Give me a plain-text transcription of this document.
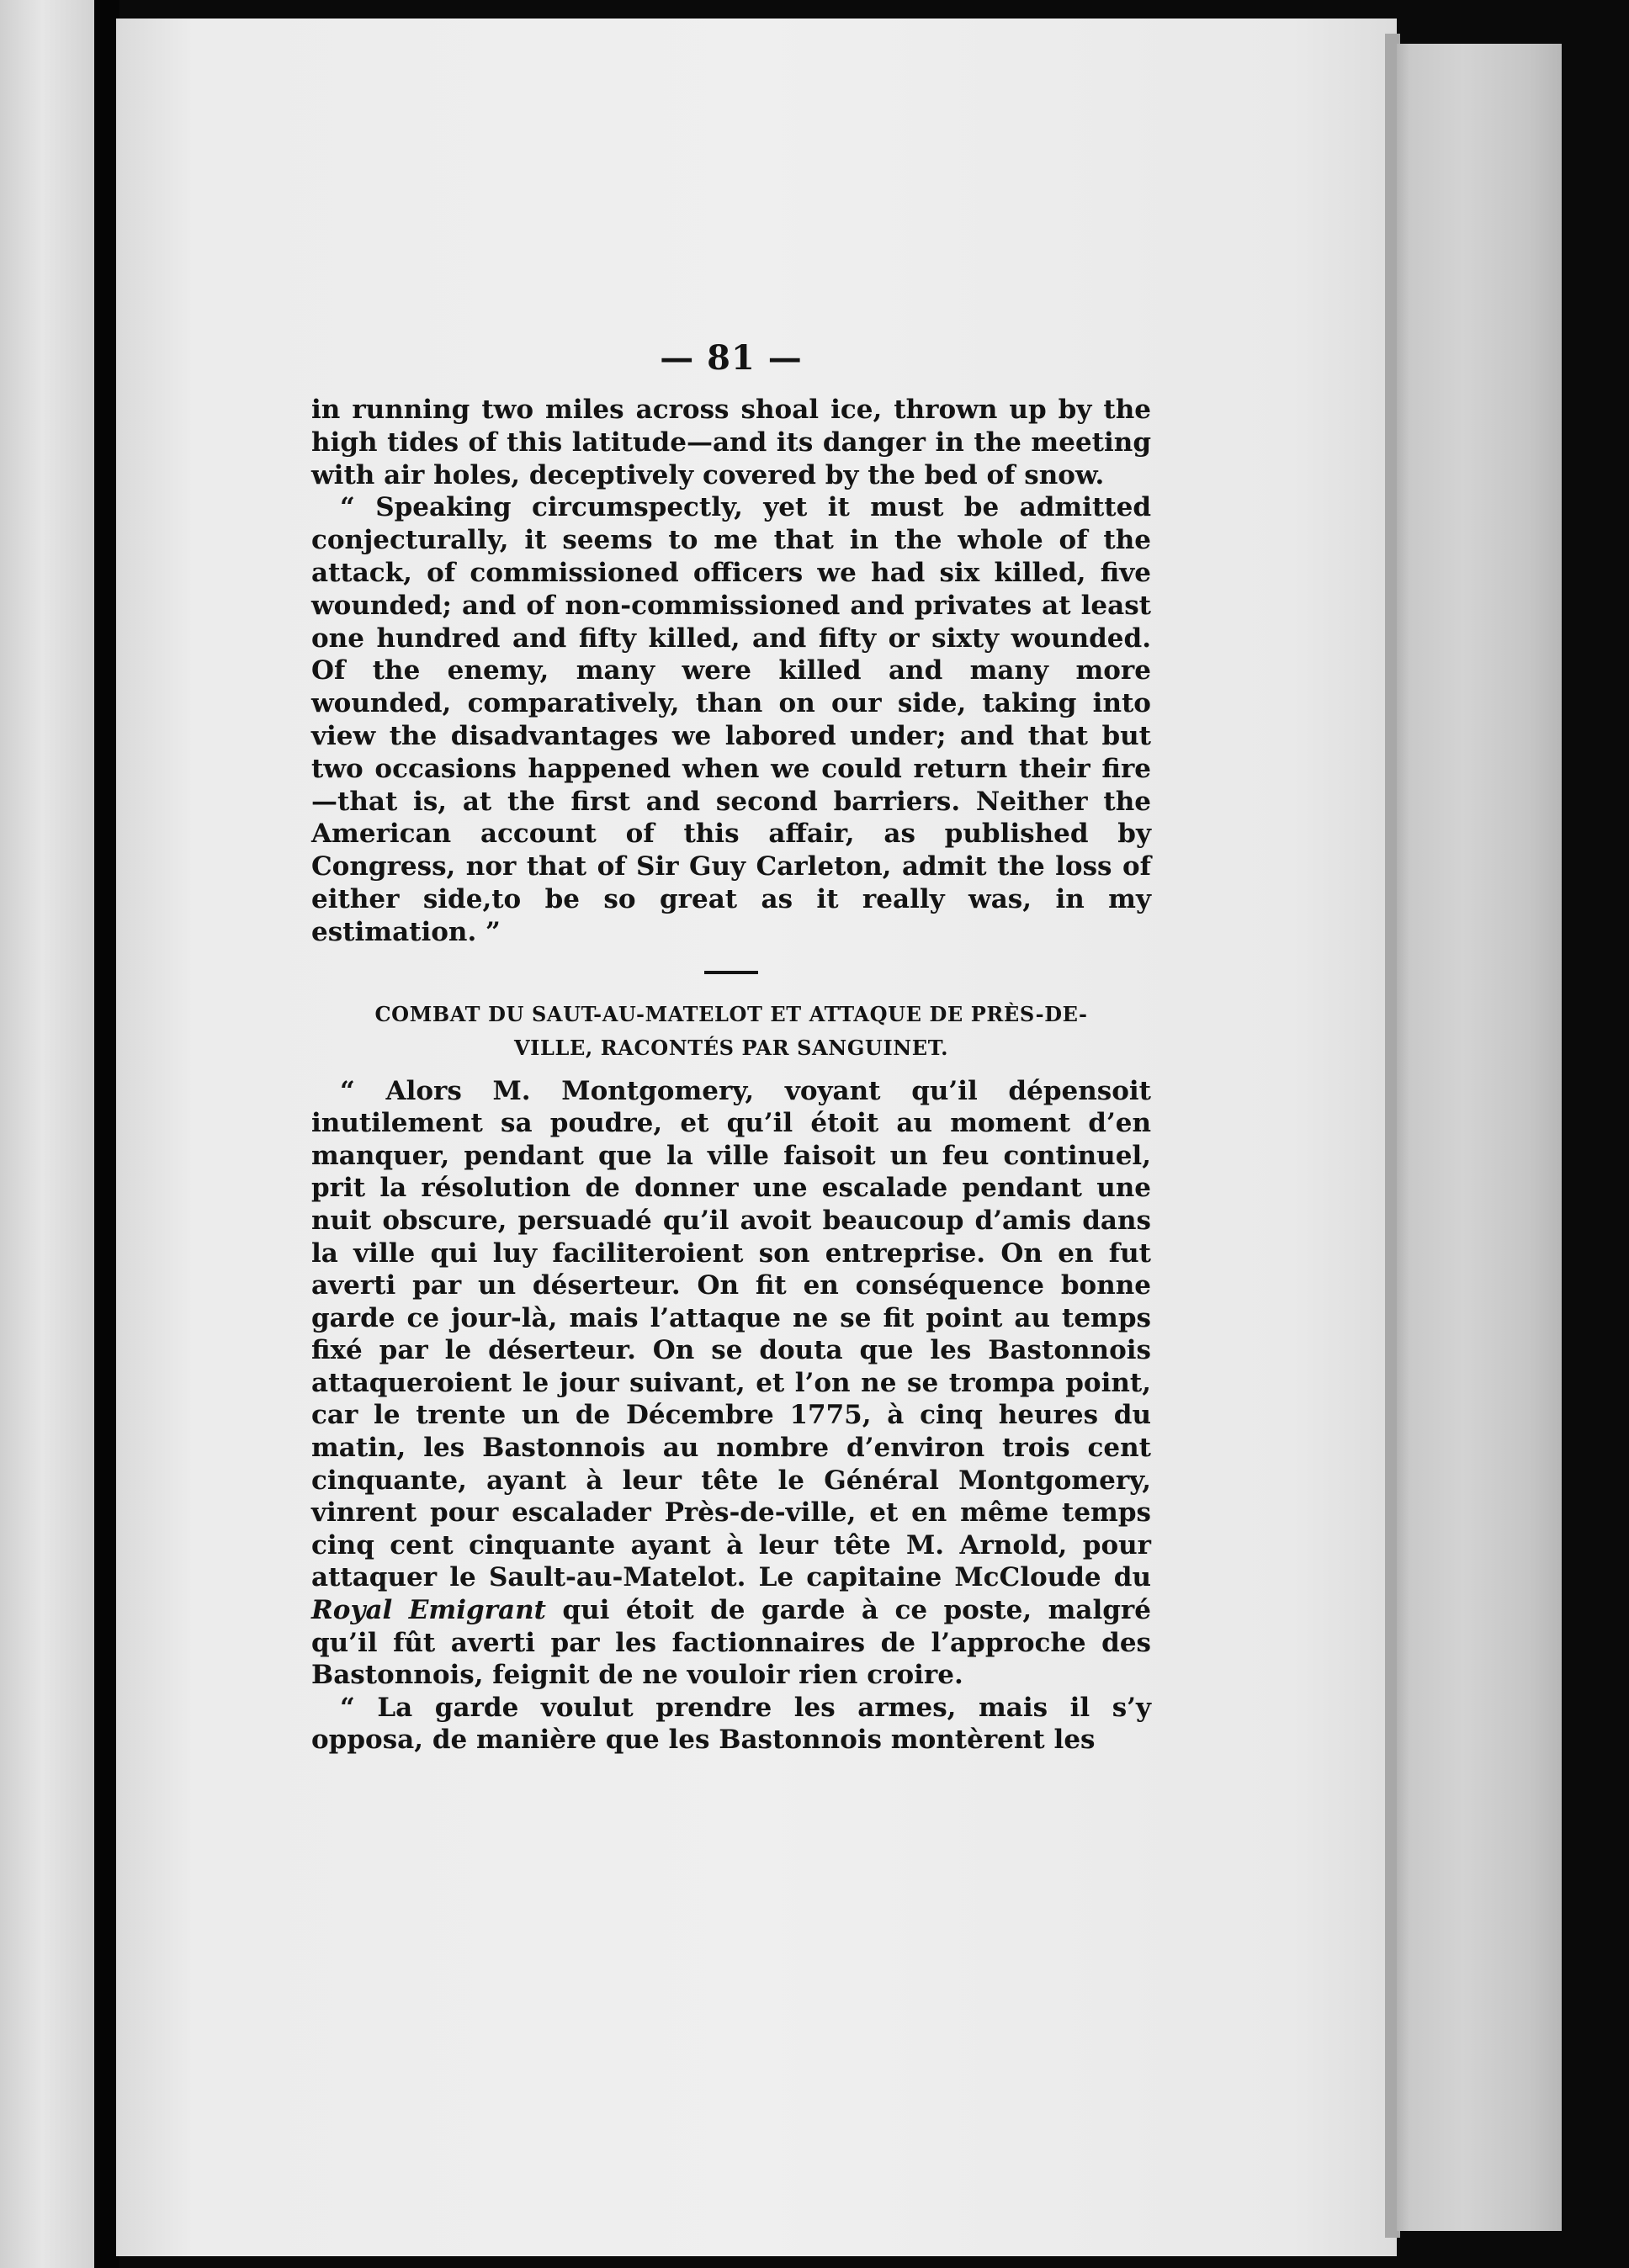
— 81 —

in running two miles across shoal ice, thrown up by the high tides of this latitude—and its danger in the meeting with air holes, deceptively covered by the bed of snow.

“ Speaking circumspectly, yet it must be admitted conjecturally, it seems to me that in the whole of the attack, of commissioned officers we had six killed, five wounded; and of non-commissioned and privates at least one hundred and fifty killed, and fifty or sixty wounded. Of the enemy, many were killed and many more wounded, comparatively, than on our side, taking into view the disadvantages we labored under; and that but two occasions happened when we could return their fire—that is, at the first and second barriers. Neither the American account of this affair, as published by Congress, nor that of Sir Guy Carleton, admit the loss of either side,to be so great as it really was, in my estimation. ”

COMBAT DU SAUT-AU-MATELOT ET ATTAQUE DE PRÈS-DE-
VILLE, RACONTÉS PAR SANGUINET.

“ Alors M. Montgomery, voyant qu’il dépensoit inutilement sa poudre, et qu’il étoit au moment d’en manquer, pendant que la ville faisoit un feu continuel, prit la résolution de donner une escalade pendant une nuit obscure, persuadé qu’il avoit beaucoup d’amis dans la ville qui luy faciliteroient son entreprise. On en fut averti par un déserteur. On fit en conséquence bonne garde ce jour-là, mais l’attaque ne se fit point au temps fixé par le déserteur. On se douta que les Bastonnois attaqueroient le jour suivant, et l’on ne se trompa point, car le trente un de Décembre 1775, à cinq heures du matin, les Bastonnois au nombre d’environ trois cent cinquante, ayant à leur tête le Général Montgomery, vinrent pour escalader Près-de-ville, et en même temps cinq cent cinquante ayant à leur tête M. Arnold, pour attaquer le Sault-au-Matelot. Le capitaine McCloude du Royal Emigrant qui étoit de garde à ce poste, malgré qu’il fût averti par les factionnaires de l’approche des Bastonnois, feignit de ne vouloir rien croire.

“ La garde voulut prendre les armes, mais il s’y opposa, de manière que les Bastonnois montèrent les
